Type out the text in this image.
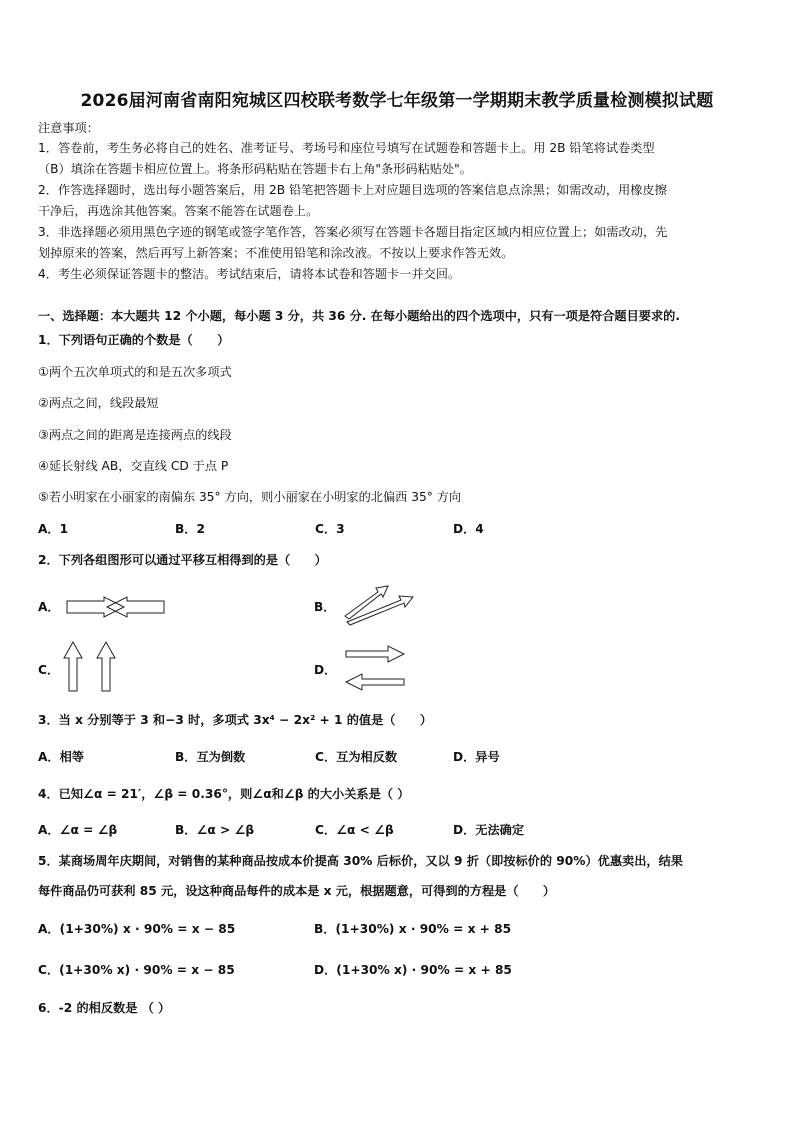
2026届河南省南阳宛城区四校联考数学七年级第一学期期末教学质量检测模拟试题
注意事项：
1．答卷前，考生务必将自己的姓名、准考证号、考场号和座位号填写在试题卷和答题卡上。用 2B 铅笔将试卷类型
（B）填涂在答题卡相应位置上。将条形码粘贴在答题卡右上角"条形码粘贴处"。
2．作答选择题时，选出每小题答案后，用 2B 铅笔把答题卡上对应题目选项的答案信息点涂黑；如需改动，用橡皮擦
干净后，再选涂其他答案。答案不能答在试题卷上。
3．非选择题必须用黑色字迹的钢笔或签字笔作答，答案必须写在答题卡各题目指定区域内相应位置上；如需改动，先
划掉原来的答案，然后再写上新答案；不准使用铅笔和涂改液。不按以上要求作答无效。
4．考生必须保证答题卡的整洁。考试结束后，请将本试卷和答题卡一并交回。
一、选择题：本大题共 12 个小题，每小题 3 分，共 36 分. 在每小题给出的四个选项中，只有一项是符合题目要求的.
1．下列语句正确的个数是（　　）
①两个五次单项式的和是五次多项式
②两点之间，线段最短
③两点之间的距离是连接两点的线段
④延长射线 AB，交直线 CD 于点 P
⑤若小明家在小丽家的南偏东 35° 方向，则小丽家在小明家的北偏西 35° 方向
A．1	B．2	C．3	D．4
2．下列各组图形可以通过平移互相得到的是（　　）
A．	B．
C．	D．
3．当 x 分别等于 3 和−3 时，多项式 3x⁴ − 2x² + 1 的值是（　　）
A．相等	B．互为倒数	C．互为相反数	D．异号
4．已知∠α = 21′，∠β = 0.36°，则∠α和∠β 的大小关系是（ ）
A．∠α = ∠β	B．∠α > ∠β	C．∠α < ∠β	D．无法确定
5．某商场周年庆期间，对销售的某种商品按成本价提高 30% 后标价，又以 9 折（即按标价的 90%）优惠卖出，结果
每件商品仍可获利 85 元，设这种商品每件的成本是 x 元，根据题意，可得到的方程是（　　）
A．(1+30%) x · 90% = x − 85	B．(1+30%) x · 90% = x + 85
C．(1+30% x) · 90% = x − 85	D．(1+30% x) · 90% = x + 85
6．-2 的相反数是 （ ）
